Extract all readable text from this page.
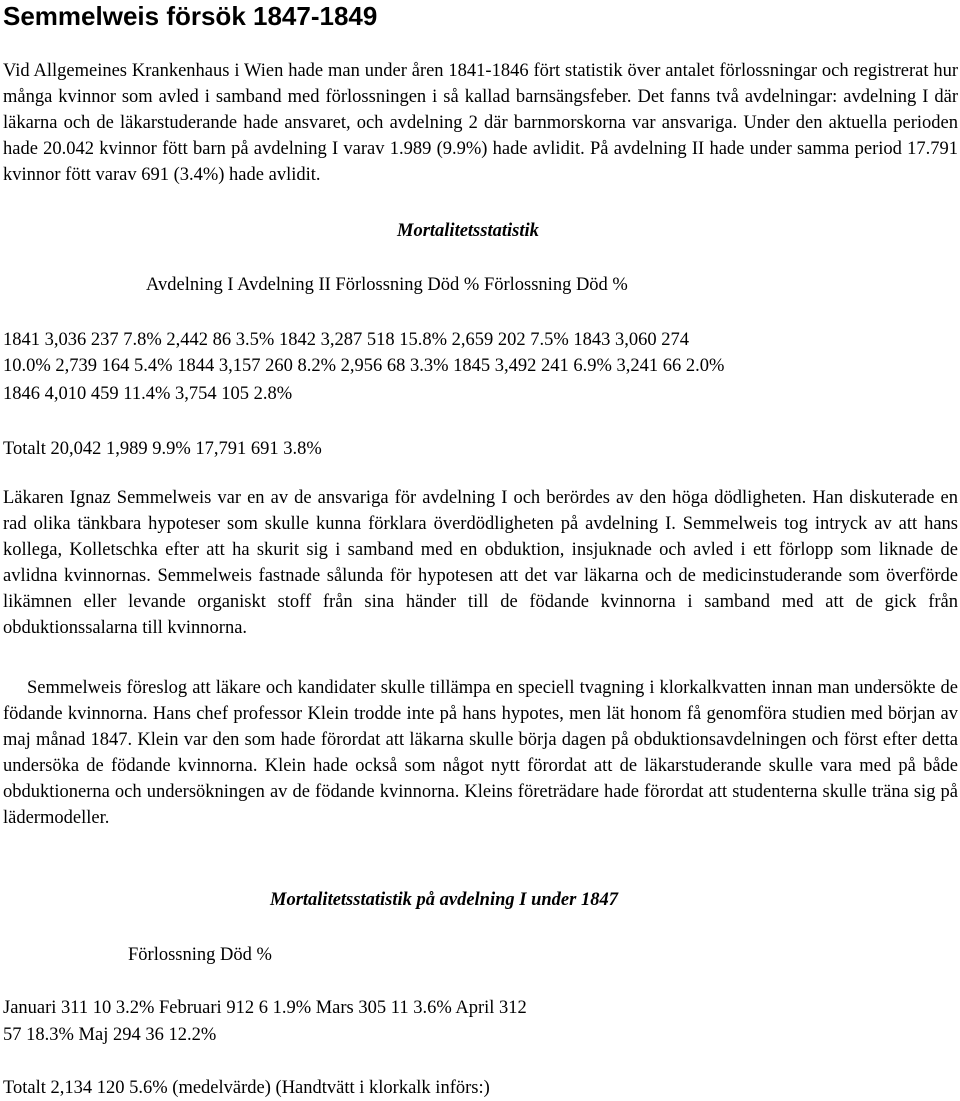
Semmelweis försök 1847-1849

Vid Allgemeines Krankenhaus i Wien hade man under åren 1841-1846 fört statistik över antalet förlossningar och registrerat hur många kvinnor som avled i samband med förlossningen i så kallad barnsängsfeber. Det fanns två avdelningar: avdelning I där läkarna och de läkarstuderande hade ansvaret, och avdelning 2 där barnmorskorna var ansvariga. Under den aktuella perioden hade 20.042 kvinnor fött barn på avdelning I varav 1.989 (9.9%) hade avlidit. På avdelning II hade under samma period 17.791 kvinnor fött varav 691 (3.4%) hade avlidit.

Mortalitetsstatistik

Avdelning I Avdelning II Förlossning Död % Förlossning Död %

1841 3,036 237 7.8% 2,442 86 3.5% 1842 3,287 518 15.8% 2,659 202 7.5% 1843 3,060 274

10.0% 2,739 164 5.4% 1844 3,157 260 8.2% 2,956 68 3.3% 1845 3,492 241 6.9% 3,241 66 2.0%

1846 4,010 459 11.4% 3,754 105 2.8%

Totalt 20,042 1,989 9.9% 17,791 691 3.8%

Läkaren Ignaz Semmelweis var en av de ansvariga för avdelning I och berördes av den höga dödligheten. Han diskuterade en rad olika tänkbara hypoteser som skulle kunna förklara överdödligheten på avdelning I. Semmelweis tog intryck av att hans kollega, Kolletschka efter att ha skurit sig i samband med en obduktion, insjuknade och avled i ett förlopp som liknade de avlidna kvinnornas. Semmelweis fastnade sålunda för hypotesen att det var läkarna och de medicinstuderande som överförde likämnen eller levande organiskt stoff från sina händer till de födande kvinnorna i samband med att de gick från obduktionssalarna till kvinnorna.

Semmelweis föreslog att läkare och kandidater skulle tillämpa en speciell tvagning i klorkalkvatten innan man undersökte de födande kvinnorna. Hans chef professor Klein trodde inte på hans hypotes, men lät honom få genomföra studien med början av maj månad 1847. Klein var den som hade förordat att läkarna skulle börja dagen på obduktionsavdelningen och först efter detta undersöka de födande kvinnorna. Klein hade också som något nytt förordat att de läkarstuderande skulle vara med på både obduktionerna och undersökningen av de födande kvinnorna. Kleins företrädare hade förordat att studenterna skulle träna sig på lädermodeller.

Mortalitetsstatistik på avdelning I under 1847

Förlossning Död %

Januari 311 10 3.2% Februari 912 6 1.9% Mars 305 11 3.6% April 312

57 18.3% Maj 294 36 12.2%

Totalt 2,134 120 5.6% (medelvärde) (Handtvätt i klorkalk införs:)
